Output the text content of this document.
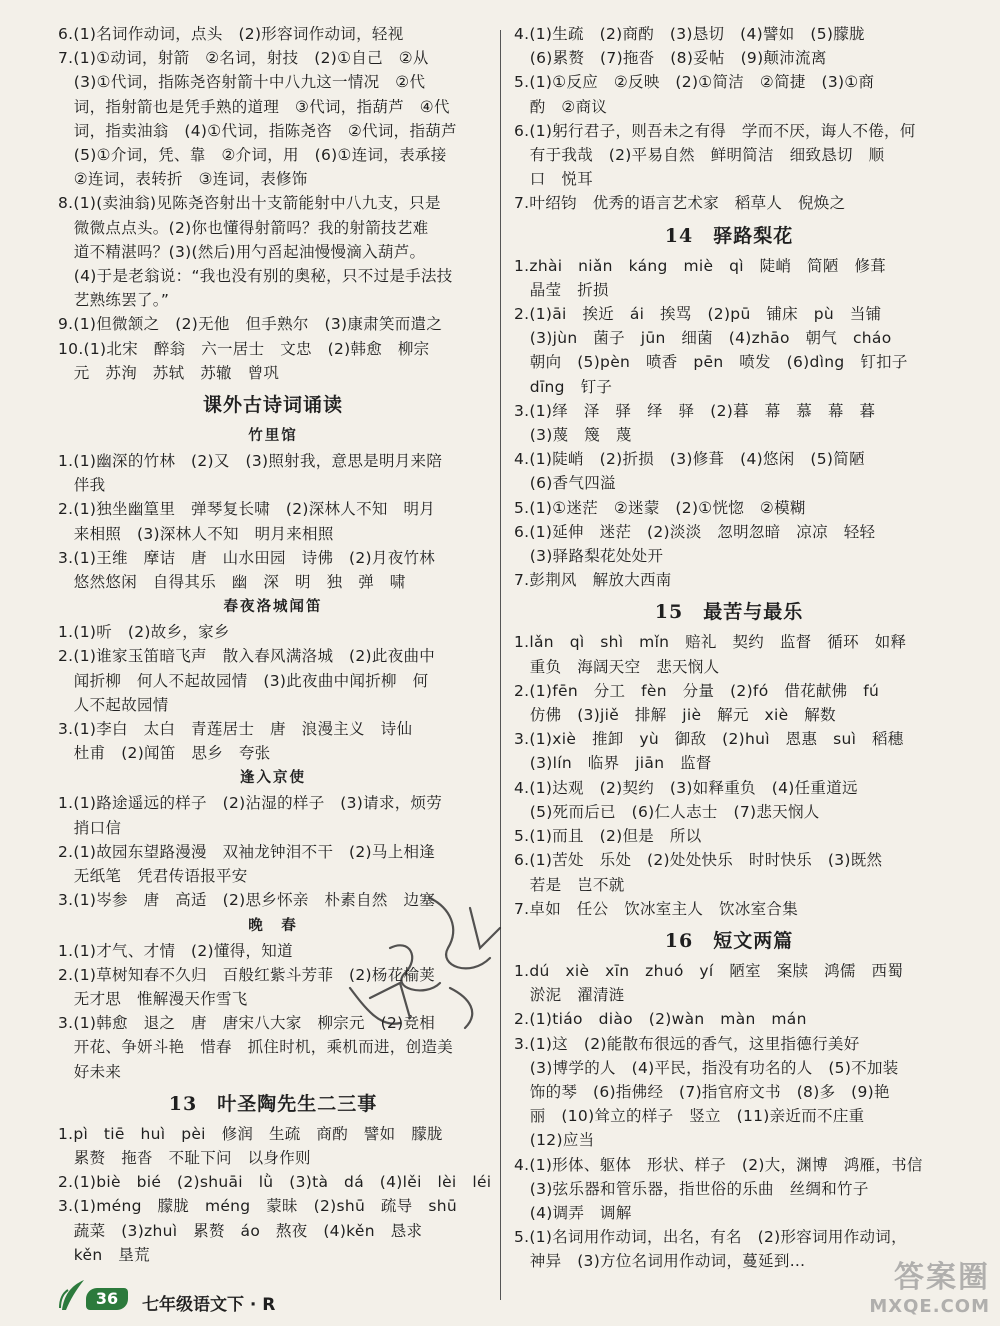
6.(1)名词作动词，点头　(2)形容词作动词，轻视
7.(1)①动词，射箭　②名词，射技　(2)①自己　②从
　(3)①代词，指陈尧咨射箭十中八九这一情况　②代
　词，指射箭也是凭手熟的道理　③代词，指葫芦　④代
　词，指卖油翁　(4)①代词，指陈尧咨　②代词，指葫芦
　(5)①介词，凭、靠　②介词，用　(6)①连词，表承接
　②连词，表转折　③连词，表修饰
8.(1)(卖油翁)见陈尧咨射出十支箭能射中八九支，只是
　微微点点头。(2)你也懂得射箭吗？我的射箭技艺难
　道不精湛吗？(3)(然后)用勺舀起油慢慢滴入葫芦。
　(4)于是老翁说：“我也没有别的奥秘，只不过是手法技
　艺熟练罢了。”
9.(1)但微颔之　(2)无他　但手熟尔　(3)康肃笑而遣之
10.(1)北宋　醉翁　六一居士　文忠　(2)韩愈　柳宗
　元　苏洵　苏轼　苏辙　曾巩
课外古诗词诵读
竹里馆
1.(1)幽深的竹林　(2)又　(3)照射我，意思是明月来陪
　伴我
2.(1)独坐幽篁里　弹琴复长啸　(2)深林人不知　明月
　来相照　(3)深林人不知　明月来相照
3.(1)王维　摩诘　唐　山水田园　诗佛　(2)月夜竹林
　悠然悠闲　自得其乐　幽　深　明　独　弹　啸
春夜洛城闻笛
1.(1)听　(2)故乡，家乡
2.(1)谁家玉笛暗飞声　散入春风满洛城　(2)此夜曲中
　闻折柳　何人不起故园情　(3)此夜曲中闻折柳　何
　人不起故园情
3.(1)李白　太白　青莲居士　唐　浪漫主义　诗仙
　杜甫　(2)闻笛　思乡　夸张
逢入京使
1.(1)路途遥远的样子　(2)沾湿的样子　(3)请求，烦劳
　捎口信
2.(1)故园东望路漫漫　双袖龙钟泪不干　(2)马上相逢
　无纸笔　凭君传语报平安
3.(1)岑参　唐　高适　(2)思乡怀亲　朴素自然　边塞
晚　春
1.(1)才气、才情　(2)懂得，知道
2.(1)草树知春不久归　百般红紫斗芳菲　(2)杨花榆荚
　无才思　惟解漫天作雪飞
3.(1)韩愈　退之　唐　唐宋八大家　柳宗元　(2)竞相
　开花、争妍斗艳　惜春　抓住时机，乘机而进，创造美
　好未来
13　叶圣陶先生二三事
1.pì　tiē　huì　pèi　修润　生疏　商酌　譬如　朦胧
　累赘　拖沓　不耻下问　以身作则
2.(1)biè　bié　(2)shuāi　lǜ　(3)tà　dá　(4)lěi　lèi　léi
3.(1)méng　朦胧　méng　蒙昧　(2)shū　疏导　shū
　蔬菜　(3)zhuì　累赘　áo　熬夜　(4)kěn　恳求
　kěn　垦荒
4.(1)生疏　(2)商酌　(3)恳切　(4)譬如　(5)朦胧
　(6)累赘　(7)拖沓　(8)妥帖　(9)颠沛流离
5.(1)①反应　②反映　(2)①简洁　②简捷　(3)①商
　酌　②商议
6.(1)躬行君子，则吾未之有得　学而不厌，诲人不倦，何
　有于我哉　(2)平易自然　鲜明简洁　细致恳切　顺
　口　悦耳
7.叶绍钧　优秀的语言艺术家　稻草人　倪焕之
14　驿路梨花
1.zhài　niǎn　káng　miè　qì　陡峭　简陋　修葺
　晶莹　折损
2.(1)āi　挨近　ái　挨骂　(2)pū　铺床　pù　当铺
　(3)jùn　菌子　jūn　细菌　(4)zhāo　朝气　cháo
　朝向　(5)pèn　喷香　pēn　喷发　(6)dìng　钉扣子
　dīng　钉子
3.(1)绎　泽　驿　绎　驿　(2)暮　幕　慕　幕　暮
　(3)蔑　篾　蔑
4.(1)陡峭　(2)折损　(3)修葺　(4)悠闲　(5)简陋
　(6)香气四溢
5.(1)①迷茫　②迷蒙　(2)①恍惚　②模糊
6.(1)延伸　迷茫　(2)淡淡　忽明忽暗　凉凉　轻轻
　(3)驿路梨花处处开
7.彭荆风　解放大西南
15　最苦与最乐
1.lǎn　qì　shì　mǐn　赔礼　契约　监督　循环　如释
　重负　海阔天空　悲天悯人
2.(1)fēn　分工　fèn　分量　(2)fó　借花献佛　fú
　仿佛　(3)jiě　排解　jiè　解元　xiè　解数
3.(1)xiè　推卸　yù　御敌　(2)huì　恩惠　suì　稻穗
　(3)lín　临界　jiān　监督
4.(1)达观　(2)契约　(3)如释重负　(4)任重道远
　(5)死而后已　(6)仁人志士　(7)悲天悯人
5.(1)而且　(2)但是　所以
6.(1)苦处　乐处　(2)处处快乐　时时快乐　(3)既然
　若是　岂不就
7.卓如　任公　饮冰室主人　饮冰室合集
16　短文两篇
1.dú　xiè　xīn　zhuó　yí　陋室　案牍　鸿儒　西蜀
　淤泥　濯清涟
2.(1)tiáo　diào　(2)wàn　màn　mán
3.(1)这　(2)能散布很远的香气，这里指德行美好
　(3)博学的人　(4)平民，指没有功名的人　(5)不加装
　饰的琴　(6)指佛经　(7)指官府文书　(8)多　(9)艳
　丽　(10)耸立的样子　竖立　(11)亲近而不庄重
　(12)应当
4.(1)形体、躯体　形状、样子　(2)大，渊博　鸿雁，书信
　(3)弦乐器和管乐器，指世俗的乐曲　丝绸和竹子
　(4)调弄　调解
5.(1)名词用作动词，出名，有名　(2)形容词用作动词，
　神异　(3)方位名词用作动词，蔓延到…
36	七年级语文下 · R
答案圈
MXQE.COM
